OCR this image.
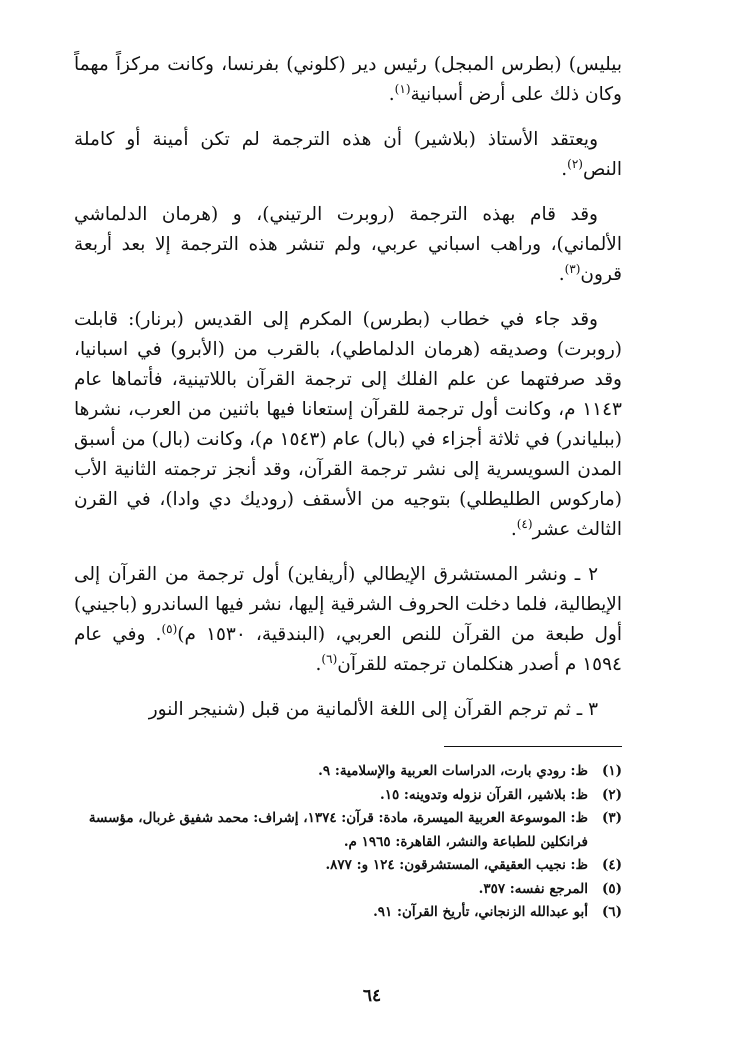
بيليس) (بطرس المبجل) رئيس دير (كلوني) بفرنسا، وكانت مركزاً مهماً وكان ذلك على أرض أسبانية$^{(١)}$.

ويعتقد الأستاذ (بلاشير) أن هذه الترجمة لم تكن أمينة أو كاملة النص$^{(٢)}$.

وقد قام بهذه الترجمة (روبرت الرتيني)، و (هرمان الدلماشي الألماني)، وراهب اسباني عربي، ولم تنشر هذه الترجمة إلا بعد أربعة قرون$^{(٣)}$.

وقد جاء في خطاب (بطرس) المكرم إلى القديس (برنار): قابلت (روبرت) وصديقه (هرمان الدلماطي)، بالقرب من (الأبرو) في اسبانيا، وقد صرفتهما عن علم الفلك إلى ترجمة القرآن باللاتينية، فأتماها عام ١١٤٣ م، وكانت أول ترجمة للقرآن إستعانا فيها باثنين من العرب، نشرها (ببلياندر) في ثلاثة أجزاء في (بال) عام (١٥٤٣ م)، وكانت (بال) من أسبق المدن السويسرية إلى نشر ترجمة القرآن، وقد أنجز ترجمته الثانية الأب (ماركوس الطليطلي) بتوجيه من الأسقف (روديك دي وادا)، في القرن الثالث عشر$^{(٤)}$.

٢ ـ ونشر المستشرق الإيطالي (أريفاين) أول ترجمة من القرآن إلى الإيطالية، فلما دخلت الحروف الشرقية إليها، نشر فيها الساندرو (باجيني) أول طبعة من القرآن للنص العربي، (البندقية، ١٥٣٠ م)$^{(٥)}$. وفي عام ١٥٩٤ م أصدر هنكلمان ترجمته للقرآن$^{(٦)}$.

٣ ـ ثم ترجم القرآن إلى اللغة الألمانية من قبل (شنيجر النور

(١)
ظ: رودي بارت، الدراسات العربية والإسلامية: ٩.
(٢)
ظ: بلاشير، القرآن نزوله وتدوينه: ١٥.
(٣)
ظ: الموسوعة العربية الميسرة، مادة: قرآن: ١٣٧٤، إشراف: محمد شفيق غربال، مؤسسة فرانكلين للطباعة والنشر، القاهرة: ١٩٦٥ م.
(٤)
ظ: نجيب العقيقي، المستشرقون: ١٢٤ و: ٨٧٧.
(٥)
المرجع نفسه: ٣٥٧.
(٦)
أبو عبدالله الزنجاني، تأريخ القرآن: ٩١.
٦٤
